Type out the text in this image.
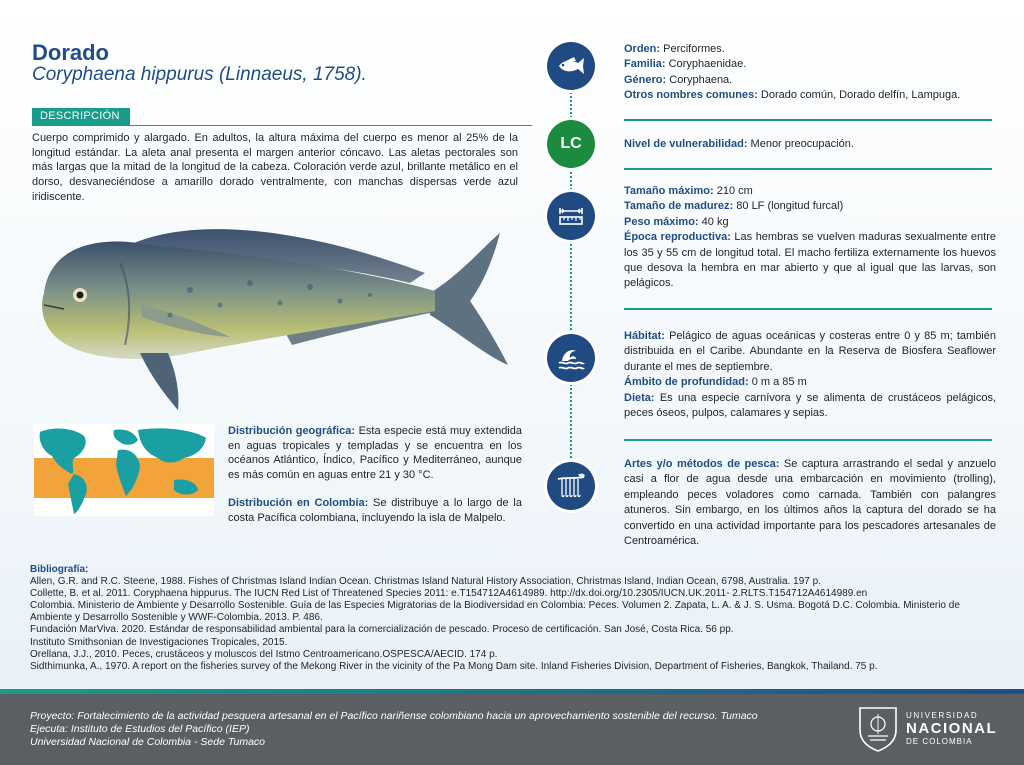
Dorado
Coryphaena hippurus (Linnaeus, 1758).
DESCRIPCIÓN
Cuerpo comprimido y alargado. En adultos, la altura máxima del cuerpo es menor al 25% de la longitud estándar. La aleta anal presenta el margen anterior cóncavo. Las aletas pectorales son más largas que la mitad de la longitud de la cabeza. Coloración verde azul, brillante metálico en el dorso, desvaneciéndose a amarillo dorado ventralmente, con manchas dispersas verde azul iridiscente.

Distribución geográfica: Esta especie está muy extendida en aguas tropicales y templadas y se encuentra en los océanos Atlántico, Índico, Pacífico y Mediterráneo, aunque es más común en aguas entre 21 y 30 °C.

Distribución en Colombia: Se distribuye a lo largo de la costa Pacífica colombiana, incluyendo la isla de Malpelo.

LC
Orden: Perciformes.
Familia: Coryphaenidae.
Género: Coryphaena.
Otros nombres comunes: Dorado común, Dorado delfín, Lampuga.
Nivel de vulnerabilidad: Menor preocupación.
Tamaño máximo: 210 cm
Tamaño de madurez: 80 LF (longitud furcal)
Peso máximo: 40 kg
Época reproductiva: Las hembras se vuelven maduras sexualmente entre los 35 y 55 cm de longitud total. El macho fertiliza externamente los huevos que desova la hembra en mar abierto y que al igual que las larvas, son pelágicos.
Hábitat: Pelágico de aguas oceánicas y costeras entre 0 y 85 m; también distribuida en el Caribe. Abundante en la Reserva de Biosfera Seaflower durante el mes de septiembre.
Ámbito de profundidad: 0 m a 85 m
Dieta: Es una especie carnívora y se alimenta de crustáceos pelágicos, peces óseos, pulpos, calamares y sepias.
Artes y/o métodos de pesca: Se captura arrastrando el sedal y anzuelo casi a flor de agua desde una embarcación en movimiento (trolling), empleando peces voladores como carnada. También con palangres atuneros. Sin embargo, en los últimos años la captura del dorado se ha convertido en una actividad importante para los pescadores artesanales de Centroamérica.
Bibliografía:
Allen, G.R. and R.C. Steene, 1988. Fishes of Christmas Island Indian Ocean. Christmas Island Natural History Association, Christmas Island, Indian Ocean, 6798, Australia. 197 p.
Collette, B. et al. 2011. Coryphaena hippurus. The IUCN Red List of Threatened Species 2011: e.T154712A4614989. http://dx.doi.org/10.2305/IUCN.UK.2011- 2.RLTS.T154712A4614989.en
Colombia. Ministerio de Ambiente y Desarrollo Sostenible. Guía de las Especies Migratorias de la Biodiversidad en Colombia: Peces. Volumen 2. Zapata, L. A. & J. S. Usma. Bogotá D.C. Colombia. Ministerio de Ambiente y Desarrollo Sostenible y WWF-Colombia. 2013. P. 486.
Fundación MarViva. 2020. Estándar de responsabilidad ambiental para la comercialización de pescado. Proceso de certificación. San José, Costa Rica. 56 pp.
Instituto Smithsonian de Investigaciones Tropicales, 2015.
Orellana, J.J., 2010. Peces, crustáceos y moluscos del Istmo Centroamericano.OSPESCA/AECID. 174 p.
Sidthimunka, A., 1970. A report on the fisheries survey of the Mekong River in the vicinity of the Pa Mong Dam site. Inland Fisheries Division, Department of Fisheries, Bangkok, Thailand. 75 p.
Proyecto: Fortalecimiento de la actividad pesquera artesanal en el Pacífico nariñense colombiano hacia un aprovechamiento sostenible del recurso. Tumaco
Ejecuta: Instituto de Estudios del Pacífico (IEP)
Universidad Nacional de Colombia - Sede Tumaco
UNIVERSIDAD
NACIONAL
DE COLOMBIA
